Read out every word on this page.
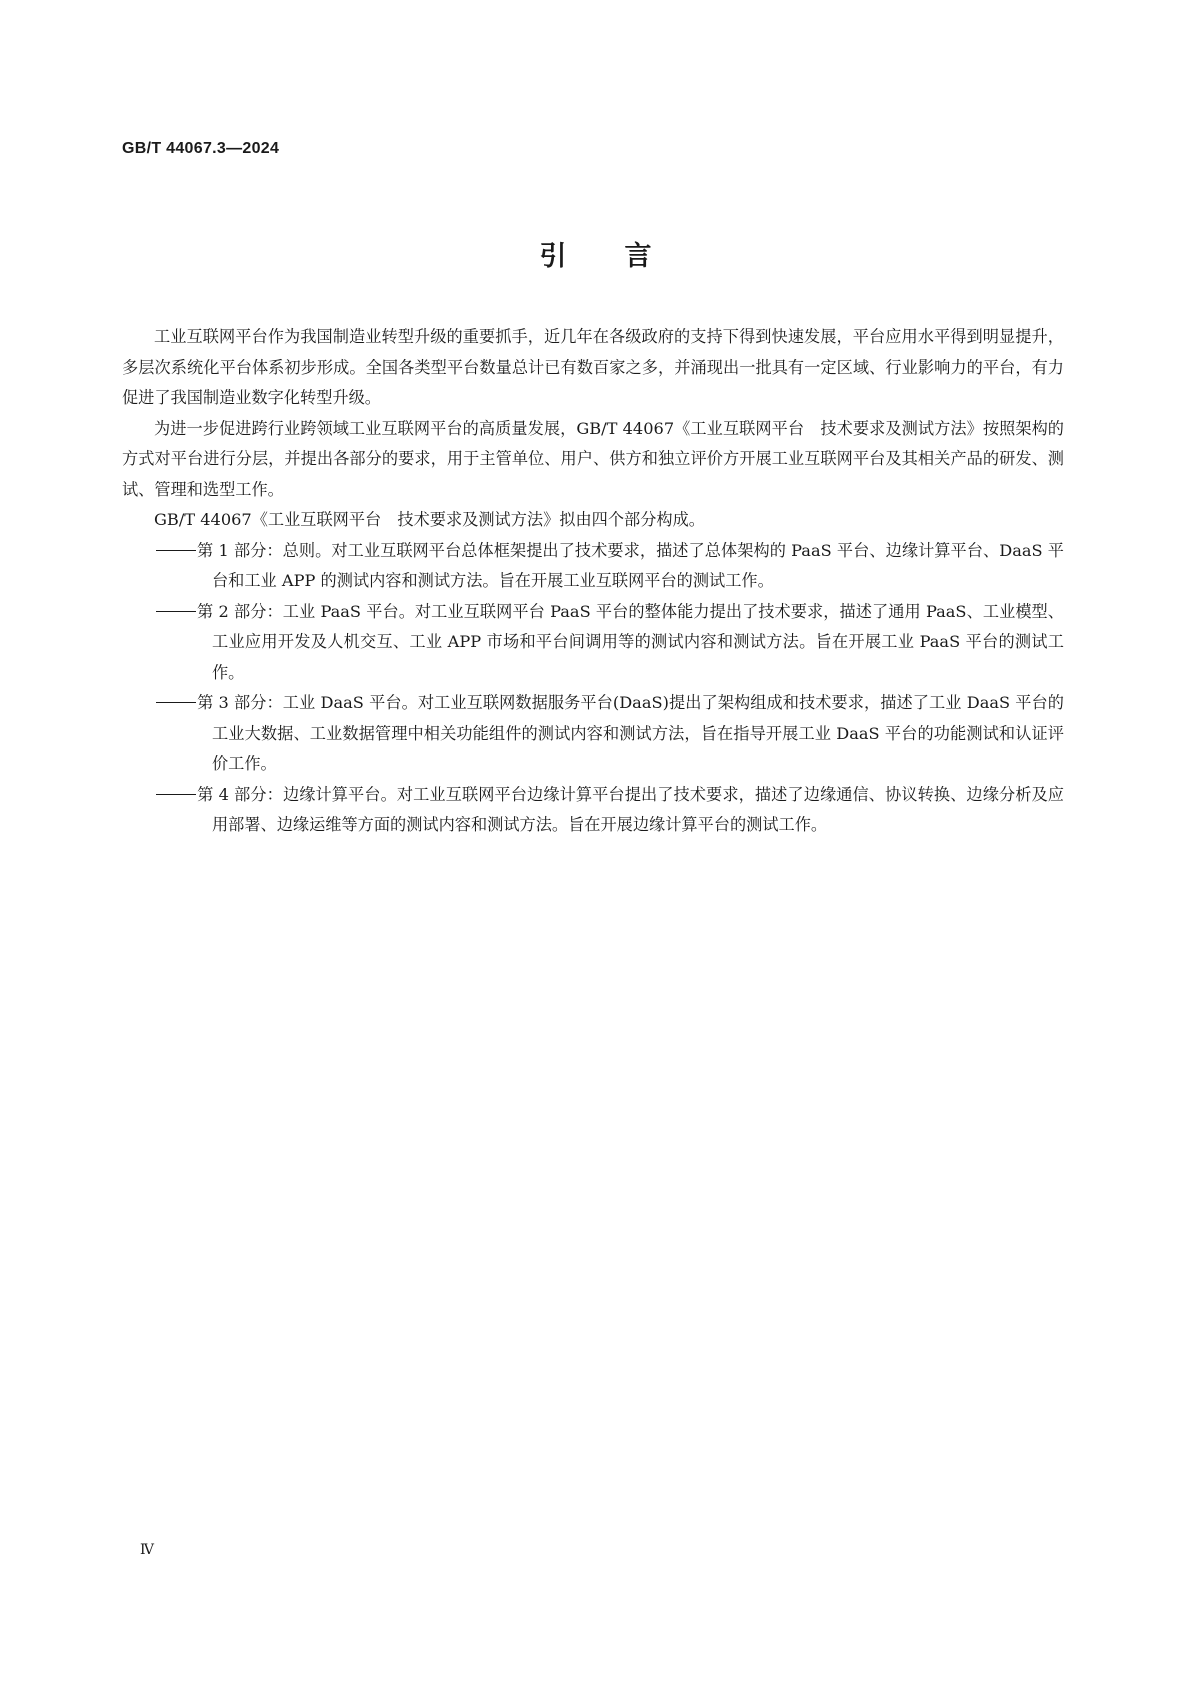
GB/T 44067.3—2024
引言

工业互联网平台作为我国制造业转型升级的重要抓手，近几年在各级政府的支持下得到快速发展，平台应用水平得到明显提升，多层次系统化平台体系初步形成。全国各类型平台数量总计已有数百家之多，并涌现出一批具有一定区域、行业影响力的平台，有力促进了我国制造业数字化转型升级。

为进一步促进跨行业跨领域工业互联网平台的高质量发展，GB/T 44067《工业互联网平台　技术要求及测试方法》按照架构的方式对平台进行分层，并提出各部分的要求，用于主管单位、用户、供方和独立评价方开展工业互联网平台及其相关产品的研发、测试、管理和选型工作。

GB/T 44067《工业互联网平台　技术要求及测试方法》拟由四个部分构成。

第 1 部分：总则。对工业互联网平台总体框架提出了技术要求，描述了总体架构的 PaaS 平台、边缘计算平台、DaaS 平台和工业 APP 的测试内容和测试方法。旨在开展工业互联网平台的测试工作。

第 2 部分：工业 PaaS 平台。对工业互联网平台 PaaS 平台的整体能力提出了技术要求，描述了通用 PaaS、工业模型、工业应用开发及人机交互、工业 APP 市场和平台间调用等的测试内容和测试方法。旨在开展工业 PaaS 平台的测试工作。

第 3 部分：工业 DaaS 平台。对工业互联网数据服务平台(DaaS)提出了架构组成和技术要求，描述了工业 DaaS 平台的工业大数据、工业数据管理中相关功能组件的测试内容和测试方法，旨在指导开展工业 DaaS 平台的功能测试和认证评价工作。

第 4 部分：边缘计算平台。对工业互联网平台边缘计算平台提出了技术要求，描述了边缘通信、协议转换、边缘分析及应用部署、边缘运维等方面的测试内容和测试方法。旨在开展边缘计算平台的测试工作。

Ⅳ
